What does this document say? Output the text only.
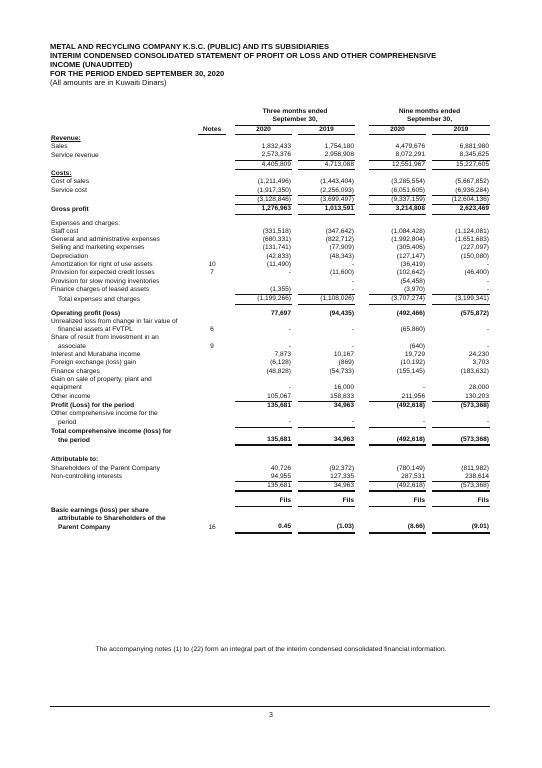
METAL AND RECYCLING COMPANY K.S.C. (PUBLIC) AND ITS SUBSIDIARIES
INTERIM CONDENSED CONSOLIDATED STATEMENT OF PROFIT OR LOSS AND OTHER COMPREHENSIVE
INCOME (UNAUDITED)
FOR THE PERIOD ENDED SEPTEMBER 30, 2020
(All amounts are in Kuwaiti Dinars)
			Three months ended				Nine months ended		
			September 30,				September 30,		
	Notes		2020		2019		2020		2019
Revenue:									
Sales			1,832,433		1,754,180		4,479,676		6,881,980
Service revenue			2,573,376		2,958,908		8,072,291		8,345,625
			4,405,809		4,713,088		12,551,967		15,227,605
Costs:									
Cost of sales			(1,211,496)		(1,443,404)		(3,285,554)		(5,667,852)
Service cost			(1,917,350)		(2,256,093)		(6,051,605)		(6,936,284)
			(3,128,846)		(3,699,497)		(9,337,159)		(12,604,136)
Gross profit			1,276,963		1,013,591		3,214,808		2,623,469

Expenses and charges:									
Staff cost			(331,518)		(347,642)		(1,084,428)		(1,124,081)
General and administrative expenses			(680,331)		(822,712)		(1,992,804)		(1,651,683)
Selling and marketing expenses			(131,741)		(77,909)		(305,406)		(227,097)
Depreciation			(42,833)		(48,343)		(127,147)		(150,080)
Amortization for right of use assets	10		(11,490)		-		(36,419)		-
Provision for expected credit losses	7		-		(11,600)		(102,642)		(46,400)
Provision for slow moving inventories					-		(54,458)		-
Finance charges of leased assets			(1,355)		-		(3,970)		-
Total expenses and charges			(1,199,266)		(1,108,026)		(3,707,274)		(3,199,341)

Operating profit (loss)			77,697		(94,435)		(492,466)		(575,872)
Unrealized loss from change in fair value of									
financial assets at FVTPL	6		-		-		(65,860)		-
Share of result from investment in an									
associate	9		-		-		(640)		-
Interest and Murabaha income			7,873		10,167		19,729		24,230
Foreign exchange (loss) gain			(6,128)		(869)		(10,192)		3,703
Finance charges			(48,828)		(54,733)		(155,145)		(183,632)
Gain on sale of property, plant and									
equipment			-		16,000		-		28,000
Other income			105,067		158,833		211,956		130,203
Profit (Loss) for the period			135,681		34,963		(492,618)		(573,368)
Other comprehensive income for the									
period			-		-		-		-
Total comprehensive income (loss) for									
the period			135,681		34,963		(492,618)		(573,368)

Attributable to:									
Shareholders of the Parent Company			40,726		(92,372)		(780,149)		(811,982)
Non-controlling interests			94,955		127,335		287,531		238,614
			135,681		34,963		(492,618)		(573,368)

			Fils		Fils		Fils		Fils
Basic earnings (loss) per share									
attributable to Shareholders of the									
Parent Company	16		0.45		(1.03)		(8.66)		(9.01)
The accompanying notes (1) to (22) form an integral part of the interim condensed consolidated financial information.
3
